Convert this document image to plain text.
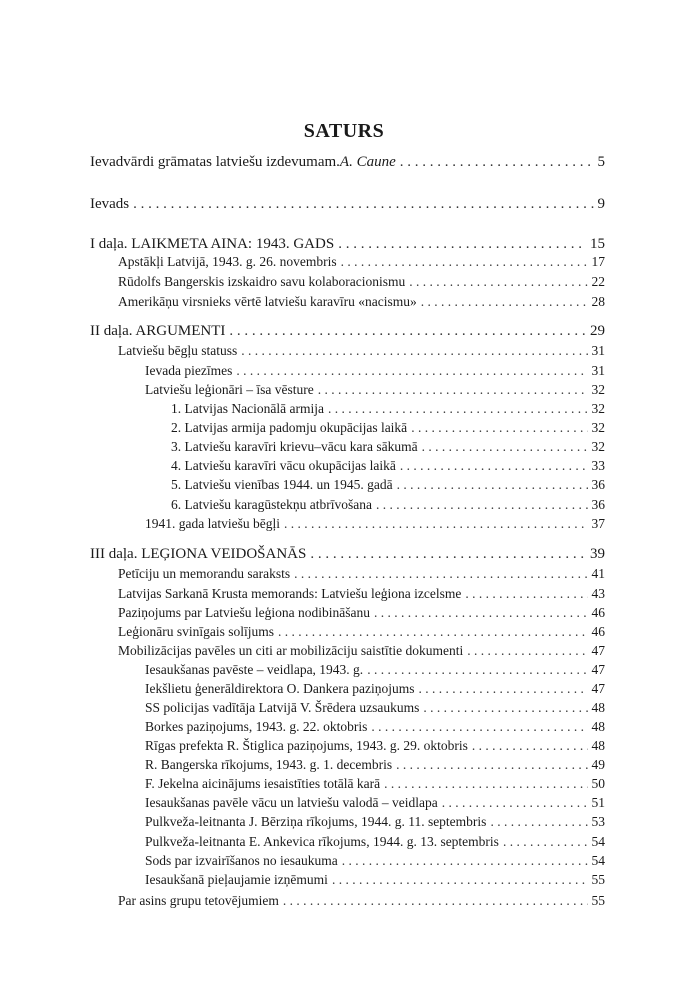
SATURS
Ievadvārdi grāmatas latviešu izdevumam. A. Caune . . .	5
Ievads . . .	9
I daļa. LAIKMETA AINA: 1943. GADS . . .	15
Apstākļi Latvijā, 1943. g. 26. novembris . . .	17
Rūdolfs Bangerskis izskaidro savu kolaboracionismu . . .	22
Amerikāņu virsnieks vērtē latviešu karavīru «nacismu» . . .	28
II daļa. ARGUMENTI . . .	29
Latviešu bēgļu statuss . . .	31
Ievada piezīmes . . .	31
Latviešu leģionāri – īsa vēsture . . .	32
1. Latvijas Nacionālā armija . . .	32
2. Latvijas armija padomju okupācijas laikā . . .	32
3. Latviešu karavīri krievu–vācu kara sākumā . . .	32
4. Latviešu karavīri vācu okupācijas laikā . . .	33
5. Latviešu vienības 1944. un 1945. gadā . . .	36
6. Latviešu karagūstekņu atbrīvošana . . .	36
1941. gada latviešu bēgļi . . .	37
III daļa. LEĢIONA VEIDOŠANĀS . . .	39
Petīciju un memorandu saraksts . . .	41
Latvijas Sarkanā Krusta memorands: Latviešu leģiona izcelsme . . .	43
Paziņojums par Latviešu leģiona nodibināšanu . . .	46
Leģionāru svinīgais solījums . . .	46
Mobilizācijas pavēles un citi ar mobilizāciju saistītie dokumenti . . .	47
Iesaukšanas pavēste – veidlapa, 1943. g. . . .	47
Iekšlietu ģenerāldirektora O. Dankera paziņojums . . .	47
SS policijas vadītāja Latvijā V. Šrēdera uzsaukums . . .	48
Borkes paziņojums, 1943. g. 22. oktobris . . .	48
Rīgas prefekta R. Štiglica paziņojums, 1943. g. 29. oktobris . . .	48
R. Bangerska rīkojums, 1943. g. 1. decembris . . .	49
F. Jekelna aicinājums iesaistīties totālā karā . . .	50
Iesaukšanas pavēle vācu un latviešu valodā – veidlapa . . .	51
Pulkveža-leitnanta J. Bērziņa rīkojums, 1944. g. 11. septembris . . .	53
Pulkveža-leitnanta E. Ankevica rīkojums, 1944. g. 13. septembris . . .	54
Sods par izvairīšanos no iesaukuma . . .	54
Iesaukšanā pieļaujamie izņēmumi . . .	55
Par asins grupu tetovējumiem . . .	55
